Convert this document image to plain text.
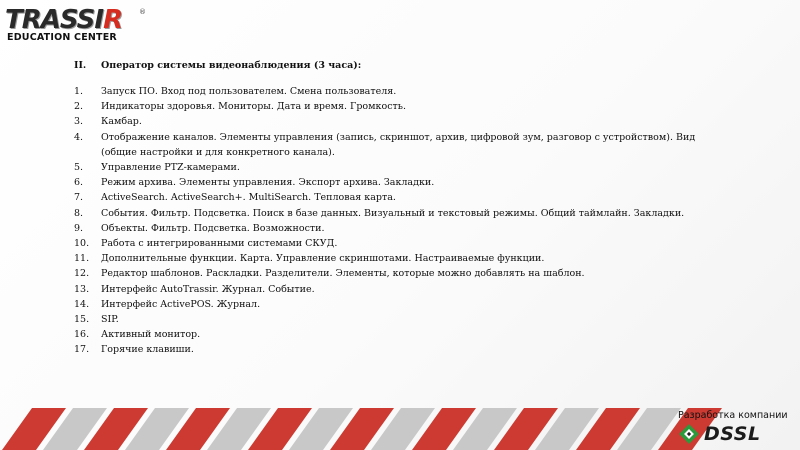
TRASSIR ®
EDUCATION CENTER
II.	Оператор системы видеонаблюдения (3 часа):
1.	Запуск ПО. Вход под пользователем. Смена пользователя.
2.	Индикаторы здоровья. Мониторы. Дата и время. Громкость.
3.	Камбар.
4.	Отображение каналов. Элементы управления (запись, скриншот, архив, цифровой зум, разговор с устройством). Вид (общие настройки и для конкретного канала).
5.	Управление PTZ-камерами.
6.	Режим архива. Элементы управления. Экспорт архива. Закладки.
7.	ActiveSearch. ActiveSearch+. MultiSearch. Тепловая карта.
8.	События. Фильтр. Подсветка. Поиск в базе данных. Визуальный и текстовый режимы. Общий таймлайн. Закладки.
9.	Объекты. Фильтр. Подсветка. Возможности.
10.	Работа с интегрированными системами СКУД.
11.	Дополнительные функции. Карта. Управление скриншотами. Настраиваемые функции.
12.	Редактор шаблонов. Раскладки. Разделители. Элементы, которые можно добавлять на шаблон.
13.	Интерфейс AutoTrassir. Журнал. Событие.
14.	Интерфейс ActivePOS. Журнал.
15.	SIP.
16.	Активный монитор.
17.	Горячие клавиши.
Разработка компании
DSSL
